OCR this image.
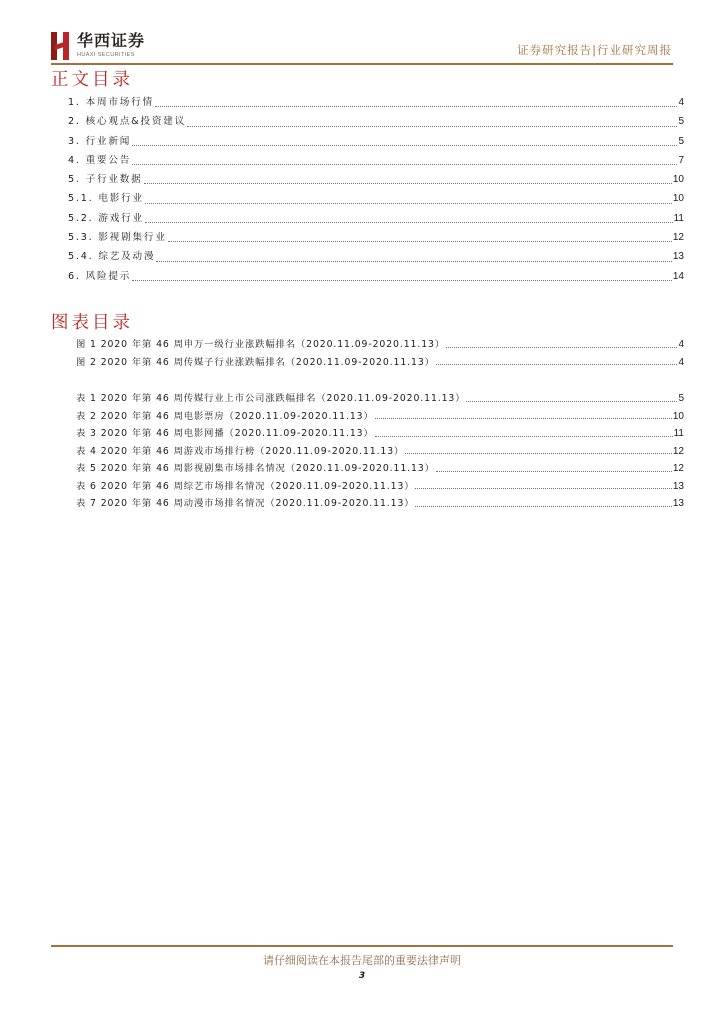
华西证券
HUAXI SECURITIES	证券研究报告|行业研究周报
正文目录
1. 本周市场行情	4
2. 核心观点&投资建议	5
3. 行业新闻	5
4. 重要公告	7
5. 子行业数据	10
5.1. 电影行业	10
5.2. 游戏行业	11
5.3. 影视剧集行业	12
5.4. 综艺及动漫	13
6. 风险提示	14
图表目录
图 1 2020 年第 46 周申万一级行业涨跌幅排名（2020.11.09-2020.11.13）	4
图 2 2020 年第 46 周传媒子行业涨跌幅排名（2020.11.09-2020.11.13）	4
表 1 2020 年第 46 周传媒行业上市公司涨跌幅排名（2020.11.09-2020.11.13）	5
表 2 2020 年第 46 周电影票房（2020.11.09-2020.11.13）	10
表 3 2020 年第 46 周电影网播（2020.11.09-2020.11.13）	11
表 4 2020 年第 46 周游戏市场排行榜（2020.11.09-2020.11.13）	12
表 5 2020 年第 46 周影视剧集市场排名情况（2020.11.09-2020.11.13）	12
表 6 2020 年第 46 周综艺市场排名情况（2020.11.09-2020.11.13）	13
表 7 2020 年第 46 周动漫市场排名情况（2020.11.09-2020.11.13）	13
请仔细阅读在本报告尾部的重要法律声明
3
